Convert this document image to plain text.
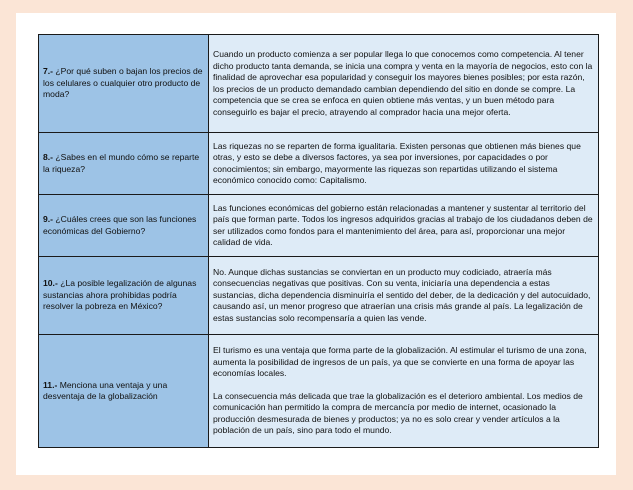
7.- ¿Por qué suben o bajan los precios de los celulares o cualquier otro producto de moda?	Cuando un producto comienza a ser popular llega lo que conocemos como competencia. Al tener dicho producto tanta demanda, se inicia una compra y venta en la mayoría de negocios, esto con la finalidad de aprovechar esa popularidad y conseguir los mayores bienes posibles; por esta razón, los precios de un producto demandado cambian dependiendo del sitio en donde se compre. La competencia que se crea se enfoca en quien obtiene más ventas, y un buen método para conseguirlo es bajar el precio, atrayendo al comprador hacia una mejor oferta.

8.- ¿Sabes en el mundo cómo se reparte la riqueza?	Las riquezas no se reparten de forma igualitaria. Existen personas que obtienen más bienes que otras, y esto se debe a diversos factores, ya sea por inversiones, por capacidades o por conocimientos; sin embargo, mayormente las riquezas son repartidas utilizando el sistema económico conocido como: Capitalismo.

9.- ¿Cuáles crees que son las funciones económicas del Gobierno?	Las funciones económicas del gobierno están relacionadas a mantener y sustentar al territorio del país que forman parte. Todos los ingresos adquiridos gracias al trabajo de los ciudadanos deben de ser utilizados como fondos para el mantenimiento del área, para así, proporcionar una mejor calidad de vida.

10.- ¿La posible legalización de algunas sustancias ahora prohibidas podría resolver la pobreza en México?	No. Aunque dichas sustancias se conviertan en un producto muy codiciado, atraería más consecuencias negativas que positivas. Con su venta, iniciaría una dependencia a estas sustancias, dicha dependencia disminuiría el sentido del deber, de la dedicación y del autocuidado, causando así, un menor progreso que atraerían una crisis más grande al país. La legalización de estas sustancias solo recompensaría a quien las vende.

11.- Menciona una ventaja y una desventaja de la globalización	El turismo es una ventaja que forma parte de la globalización. Al estimular el turismo de una zona, aumenta la posibilidad de ingresos de un país, ya que se convierte en una forma de apoyar las economías locales.
La consecuencia más delicada que trae la globalización es el deterioro ambiental. Los medios de comunicación han permitido la compra de mercancía por medio de internet, ocasionado la producción desmesurada de bienes y productos; ya no es solo crear y vender artículos a la población de un país, sino para todo el mundo.
